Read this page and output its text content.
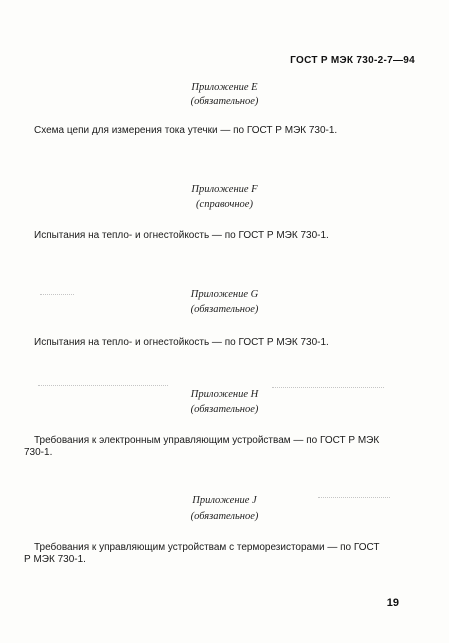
ГОСТ Р МЭК 730-2-7—94
Приложение Е
(обязательное)
Схема цепи для измерения тока утечки — по ГОСТ Р МЭК 730-1.
Приложение F
(справочное)
Испытания на тепло- и огнестойкость — по ГОСТ Р МЭК 730-1.
Приложение G
(обязательное)
Испытания на тепло- и огнестойкость — по ГОСТ Р МЭК 730-1.
Приложение Н
(обязательное)
Требования к электронным управляющим устройствам — по ГОСТ Р МЭК
730-1.
Приложение J
(обязательное)
Требования к управляющим устройствам с терморезисторами — по ГОСТ
Р МЭК 730-1.
19
